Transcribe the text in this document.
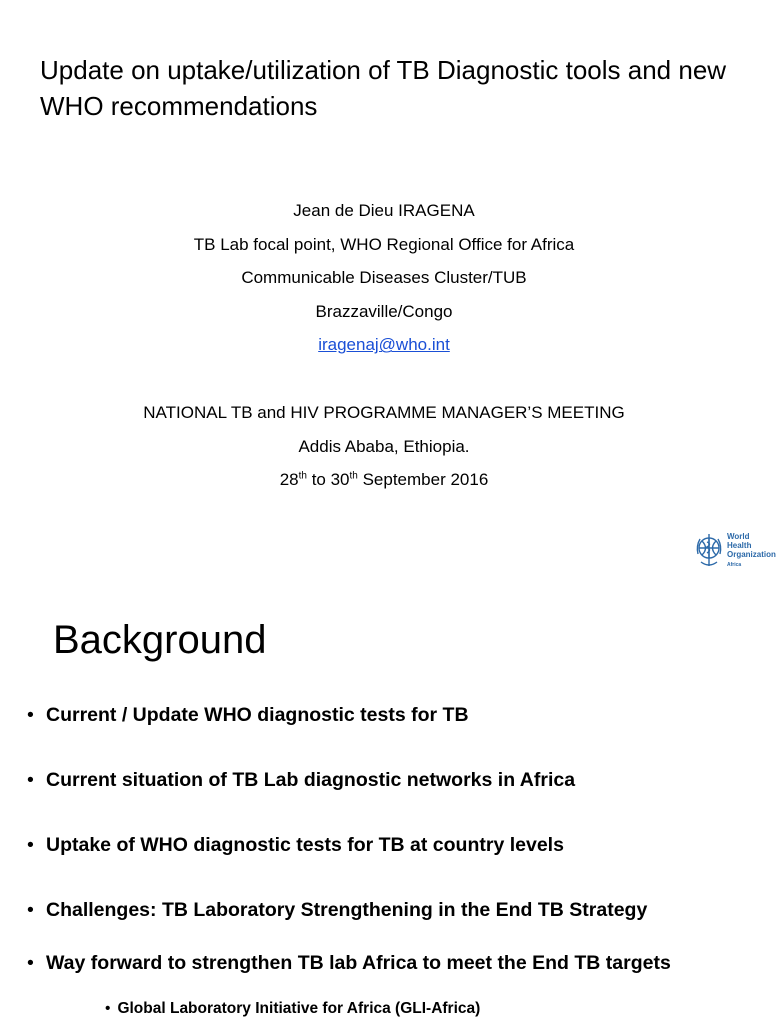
Update on uptake/utilization of TB Diagnostic tools and new WHO recommendations
Jean de Dieu IRAGENA
TB Lab focal point, WHO Regional Office for Africa
Communicable Diseases Cluster/TUB
Brazzaville/Congo
iragenaj@who.int
NATIONAL TB and HIV PROGRAMME MANAGER’S MEETING
Addis Ababa, Ethiopia.
28th to 30th September 2016
World Health
Organization
Africa
Background
• Current / Update WHO diagnostic tests for TB
• Current situation of TB Lab diagnostic networks in Africa
• Uptake of WHO diagnostic tests for TB at country levels
• Challenges: TB Laboratory Strengthening in the End TB Strategy
• Way forward to strengthen TB lab Africa to meet the End TB targets
• Global Laboratory Initiative for Africa (GLI-Africa)
